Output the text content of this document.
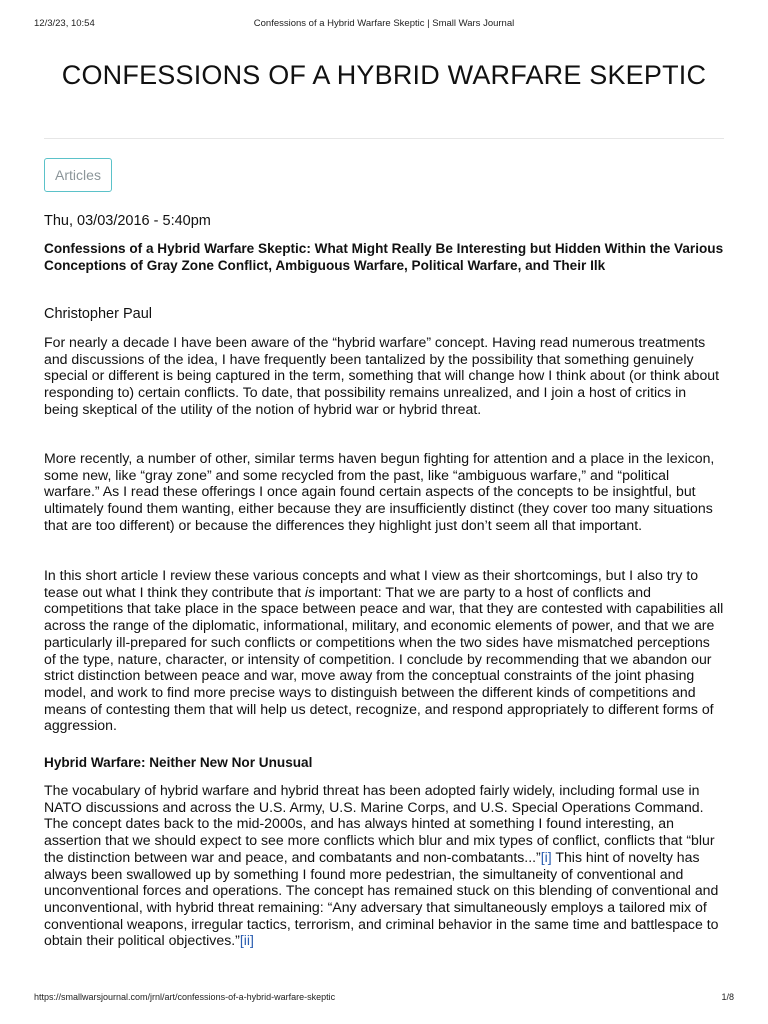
12/3/23, 10:54	Confessions of a Hybrid Warfare Skeptic | Small Wars Journal
CONFESSIONS OF A HYBRID WARFARE SKEPTIC
Articles
Thu, 03/03/2016 - 5:40pm

Confessions of a Hybrid Warfare Skeptic: What Might Really Be Interesting but Hidden Within the Various Conceptions of Gray Zone Conflict, Ambiguous Warfare, Political Warfare, and Their Ilk

Christopher Paul

For nearly a decade I have been aware of the “hybrid warfare” concept. Having read numerous treatments and discussions of the idea, I have frequently been tantalized by the possibility that something genuinely special or different is being captured in the term, something that will change how I think about (or think about responding to) certain conflicts. To date, that possibility remains unrealized, and I join a host of critics in being skeptical of the utility of the notion of hybrid war or hybrid threat.

More recently, a number of other, similar terms haven begun fighting for attention and a place in the lexicon, some new, like “gray zone” and some recycled from the past, like “ambiguous warfare,” and “political warfare.” As I read these offerings I once again found certain aspects of the concepts to be insightful, but ultimately found them wanting, either because they are insufficiently distinct (they cover too many situations that are too different) or because the differences they highlight just don’t seem all that important.

In this short article I review these various concepts and what I view as their shortcomings, but I also try to tease out what I think they contribute that is important: That we are party to a host of conflicts and competitions that take place in the space between peace and war, that they are contested with capabilities all across the range of the diplomatic, informational, military, and economic elements of power, and that we are particularly ill-prepared for such conflicts or competitions when the two sides have mismatched perceptions of the type, nature, character, or intensity of competition. I conclude by recommending that we abandon our strict distinction between peace and war, move away from the conceptual constraints of the joint phasing model, and work to find more precise ways to distinguish between the different kinds of competitions and means of contesting them that will help us detect, recognize, and respond appropriately to different forms of aggression.

Hybrid Warfare: Neither New Nor Unusual

The vocabulary of hybrid warfare and hybrid threat has been adopted fairly widely, including formal use in NATO discussions and across the U.S. Army, U.S. Marine Corps, and U.S. Special Operations Command. The concept dates back to the mid-2000s, and has always hinted at something I found interesting, an assertion that we should expect to see more conflicts which blur and mix types of conflict, conflicts that “blur the distinction between war and peace, and combatants and non-combatants...”[i] This hint of novelty has always been swallowed up by something I found more pedestrian, the simultaneity of conventional and unconventional forces and operations. The concept has remained stuck on this blending of conventional and unconventional, with hybrid threat remaining: “Any adversary that simultaneously employs a tailored mix of conventional weapons, irregular tactics, terrorism, and criminal behavior in the same time and battlespace to obtain their political objectives.”[ii]

https://smallwarsjournal.com/jrnl/art/confessions-of-a-hybrid-warfare-skeptic	1/8
